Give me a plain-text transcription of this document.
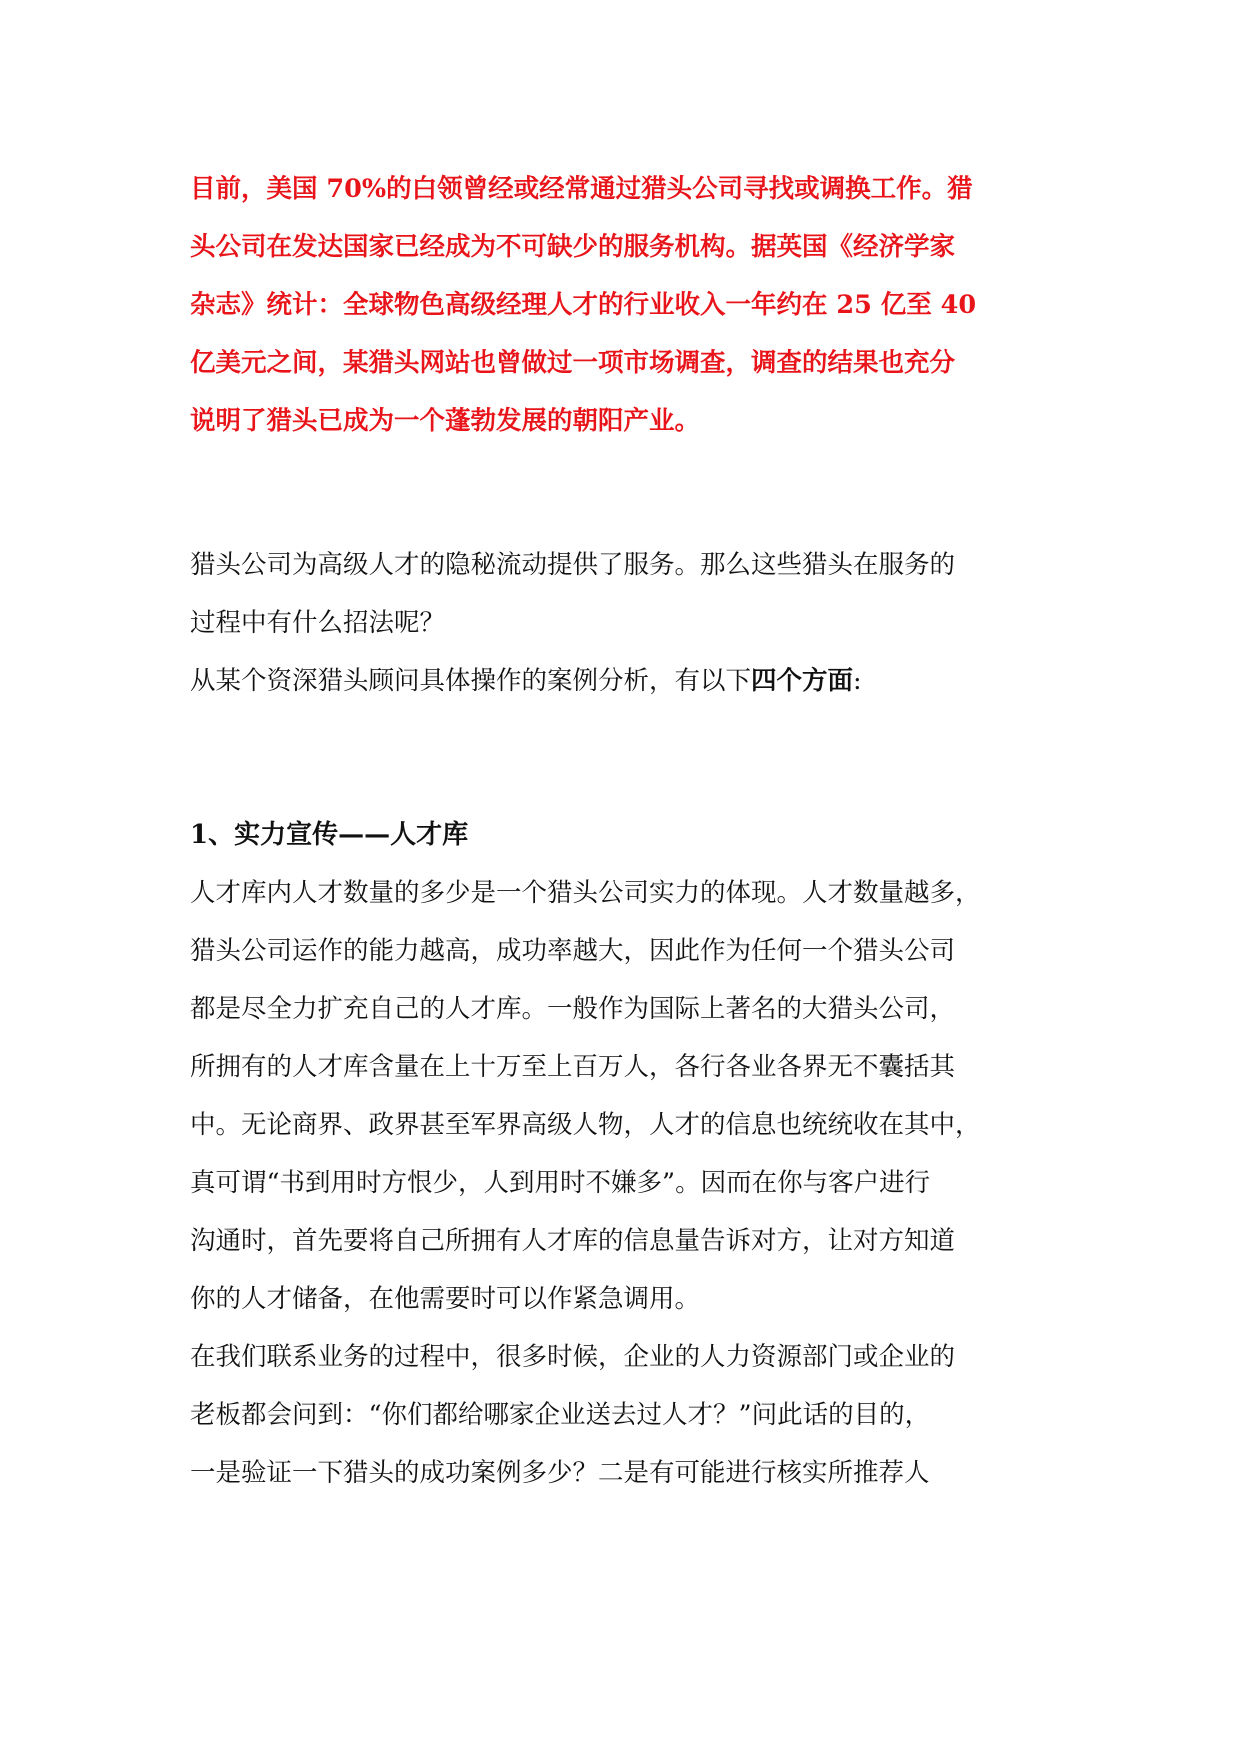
目前，美国 70%的白领曾经或经常通过猎头公司寻找或调换工作。猎
头公司在发达国家已经成为不可缺少的服务机构。据英国《经济学家
杂志》统计：全球物色高级经理人才的行业收入一年约在 25 亿至 40
亿美元之间，某猎头网站也曾做过一项市场调查，调查的结果也充分
说明了猎头已成为一个蓬勃发展的朝阳产业。

猎头公司为高级人才的隐秘流动提供了服务。那么这些猎头在服务的
过程中有什么招法呢？
从某个资深猎头顾问具体操作的案例分析，有以下四个方面:

1、实力宣传——人才库

人才库内人才数量的多少是一个猎头公司实力的体现。人才数量越多，
猎头公司运作的能力越高，成功率越大，因此作为任何一个猎头公司
都是尽全力扩充自己的人才库。一般作为国际上著名的大猎头公司，
所拥有的人才库含量在上十万至上百万人，各行各业各界无不囊括其
中。无论商界、政界甚至军界高级人物，人才的信息也统统收在其中，
真可谓“书到用时方恨少，人到用时不嫌多”。因而在你与客户进行
沟通时，首先要将自己所拥有人才库的信息量告诉对方，让对方知道
你的人才储备，在他需要时可以作紧急调用。

在我们联系业务的过程中，很多时候，企业的人力资源部门或企业的
老板都会问到：“你们都给哪家企业送去过人才？”问此话的目的，
一是验证一下猎头的成功案例多少？二是有可能进行核实所推荐人
